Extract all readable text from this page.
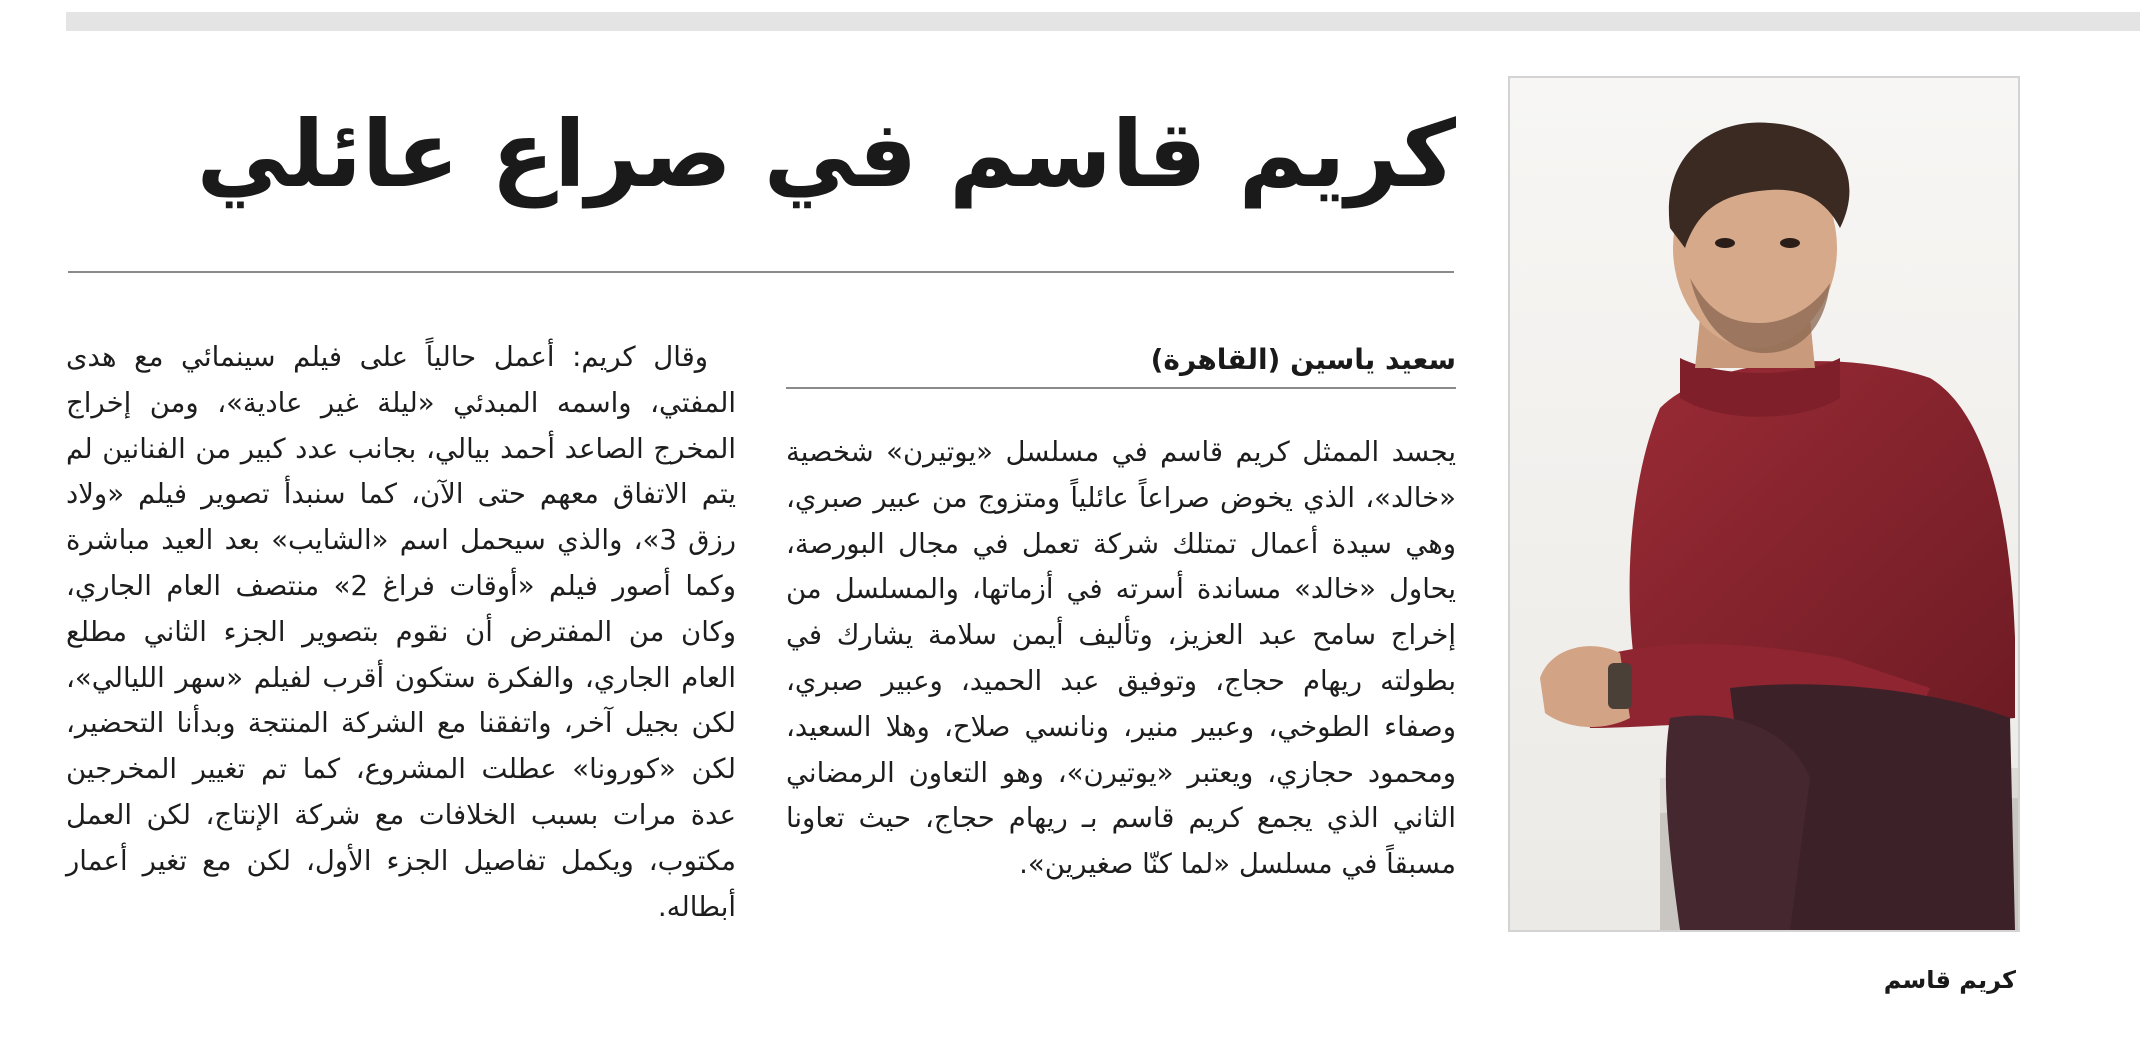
كريم قاسم في صراع عائلي
سعيد ياسين (القاهرة)

يجسد الممثل كريم قاسم في مسلسل «يوتيرن» شخصية «خالد»، الذي يخوض صراعاً عائلياً ومتزوج من عبير صبري، وهي سيدة أعمال تمتلك شركة تعمل في مجال البورصة، يحاول «خالد» مساندة أسرته في أزماتها، والمسلسل من إخراج سامح عبد العزيز، وتأليف أيمن سلامة يشارك في بطولته ريهام حجاج، وتوفيق عبد الحميد، وعبير صبري، وصفاء الطوخي، وعبير منير، ونانسي صلاح، وهلا السعيد، ومحمود حجازي، ويعتبر «يوتيرن»، وهو التعاون الرمضاني الثاني الذي يجمع كريم قاسم بـ ريهام حجاج، حيث تعاونا مسبقاً في مسلسل «لما كنّا صغيرين».

وقال كريم: أعمل حالياً على فيلم سينمائي مع هدى المفتي، واسمه المبدئي «ليلة غير عادية»، ومن إخراج المخرج الصاعد أحمد بيالي، بجانب عدد كبير من الفنانين لم يتم الاتفاق معهم حتى الآن، كما سنبدأ تصوير فيلم «ولاد رزق 3»، والذي سيحمل اسم «الشايب» بعد العيد مباشرة وكما أصور فيلم «أوقات فراغ 2» منتصف العام الجاري، وكان من المفترض أن نقوم بتصوير الجزء الثاني مطلع العام الجاري، والفكرة ستكون أقرب لفيلم «سهر الليالي»، لكن بجيل آخر، واتفقنا مع الشركة المنتجة وبدأنا التحضير، لكن «كورونا» عطلت المشروع، كما تم تغيير المخرجين عدة مرات بسبب الخلافات مع شركة الإنتاج، لكن العمل مكتوب، ويكمل تفاصيل الجزء الأول، لكن مع تغير أعمار أبطاله.

كريم قاسم
